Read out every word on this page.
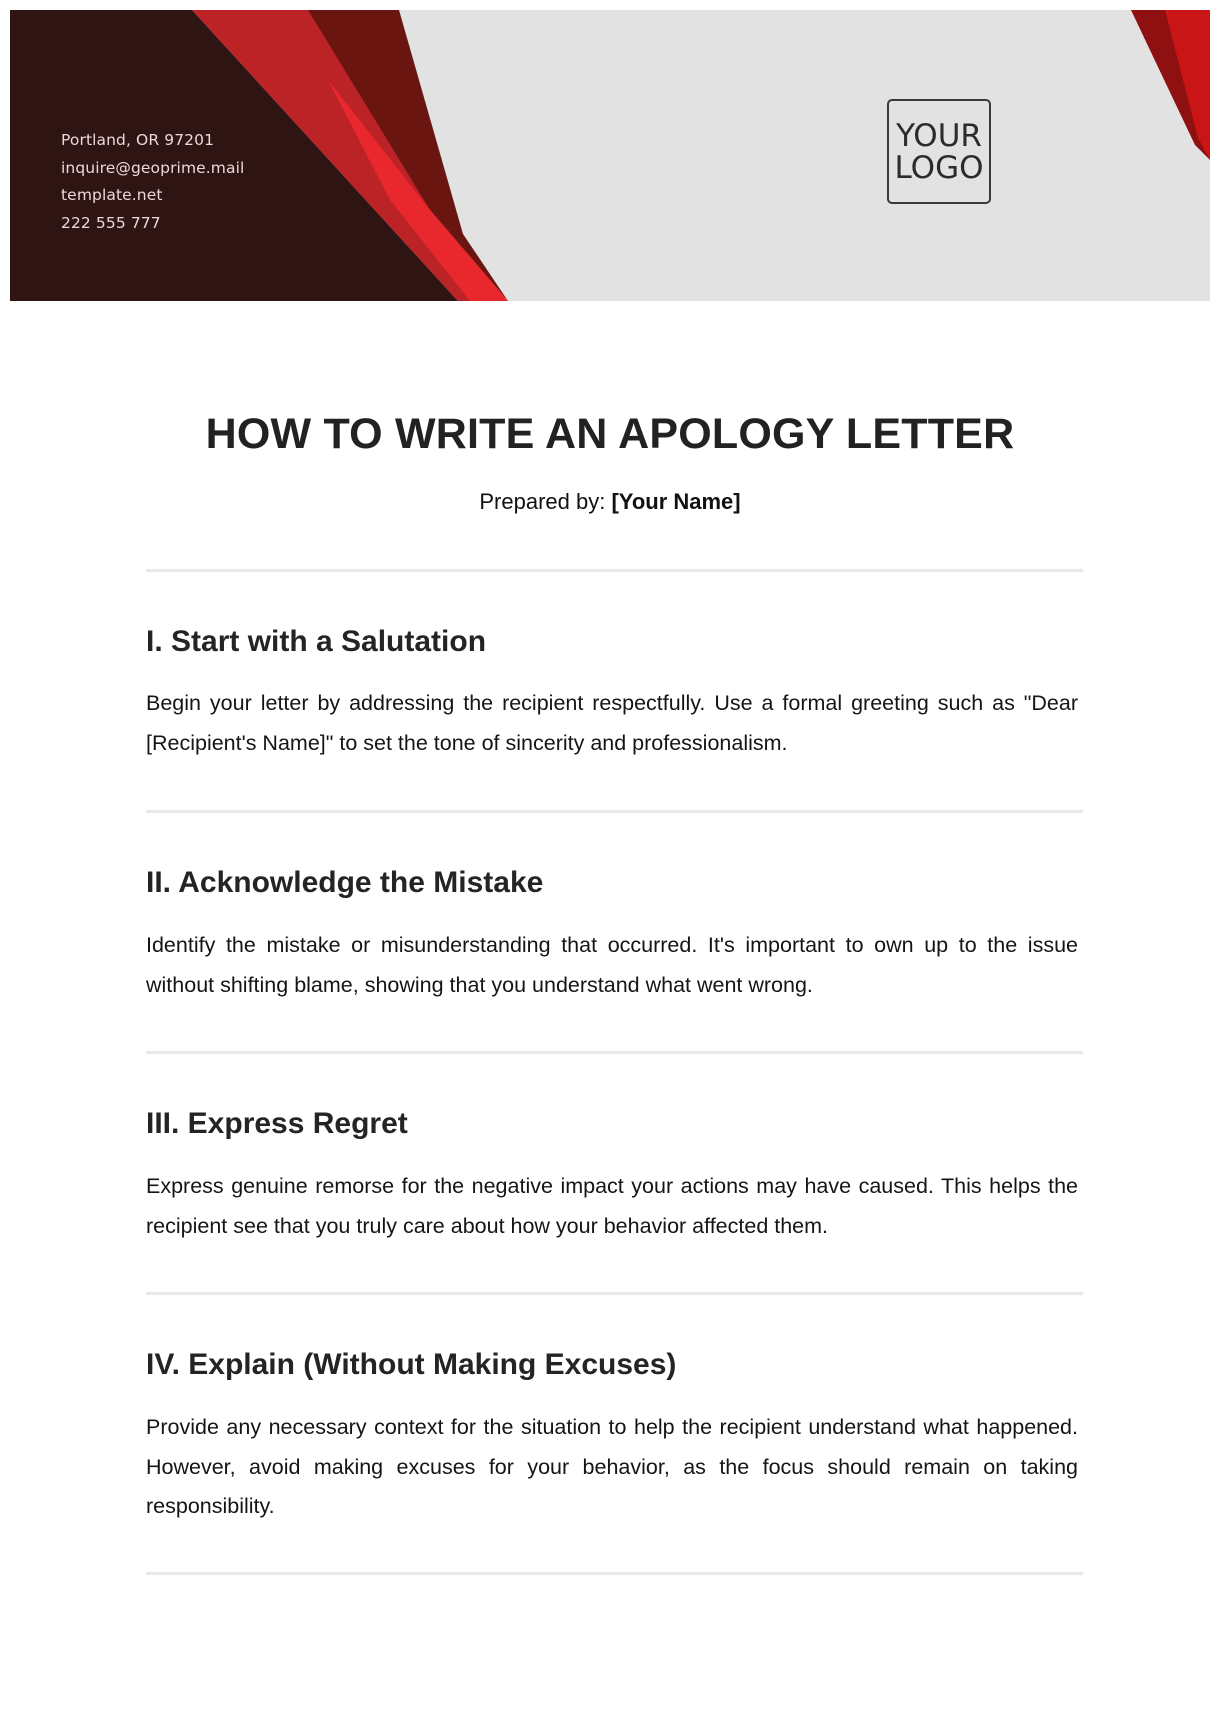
Portland, OR 97201
inquire@geoprime.mail
template.net
222 555 777
YOUR
LOGO
HOW TO WRITE AN APOLOGY LETTER
Prepared by: [Your Name]
I. Start with a Salutation
Begin your letter by addressing the recipient respectfully. Use a formal greeting such as "Dear [Recipient's Name]" to set the tone of sincerity and professionalism.
II. Acknowledge the Mistake
Identify the mistake or misunderstanding that occurred. It's important to own up to the issue without shifting blame, showing that you understand what went wrong.
III. Express Regret
Express genuine remorse for the negative impact your actions may have caused. This helps the recipient see that you truly care about how your behavior affected them.
IV. Explain (Without Making Excuses)
Provide any necessary context for the situation to help the recipient understand what happened. However, avoid making excuses for your behavior, as the focus should remain on taking responsibility.
